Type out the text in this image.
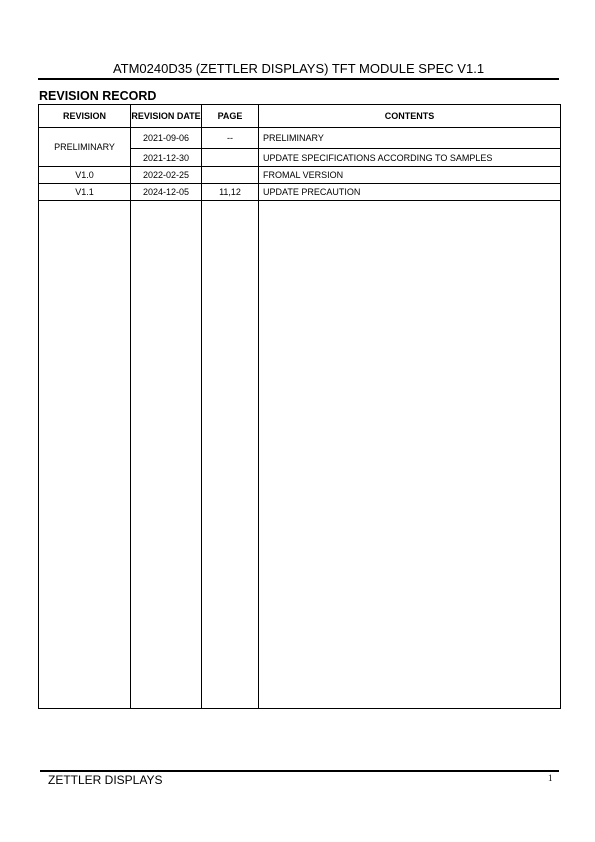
ATM0240D35 (ZETTLER DISPLAYS) TFT MODULE SPEC V1.1
REVISION RECORD
REVISION	REVISION DATE	PAGE	CONTENTS
PRELIMINARY	2021-09-06	--	PRELIMINARY
	2021-12-30		UPDATE SPECIFICATIONS ACCORDING TO SAMPLES
V1.0	2022-02-25		FROMAL VERSION
V1.1	2024-12-05	11,12	UPDATE PRECAUTION

ZETTLER DISPLAYS	1
